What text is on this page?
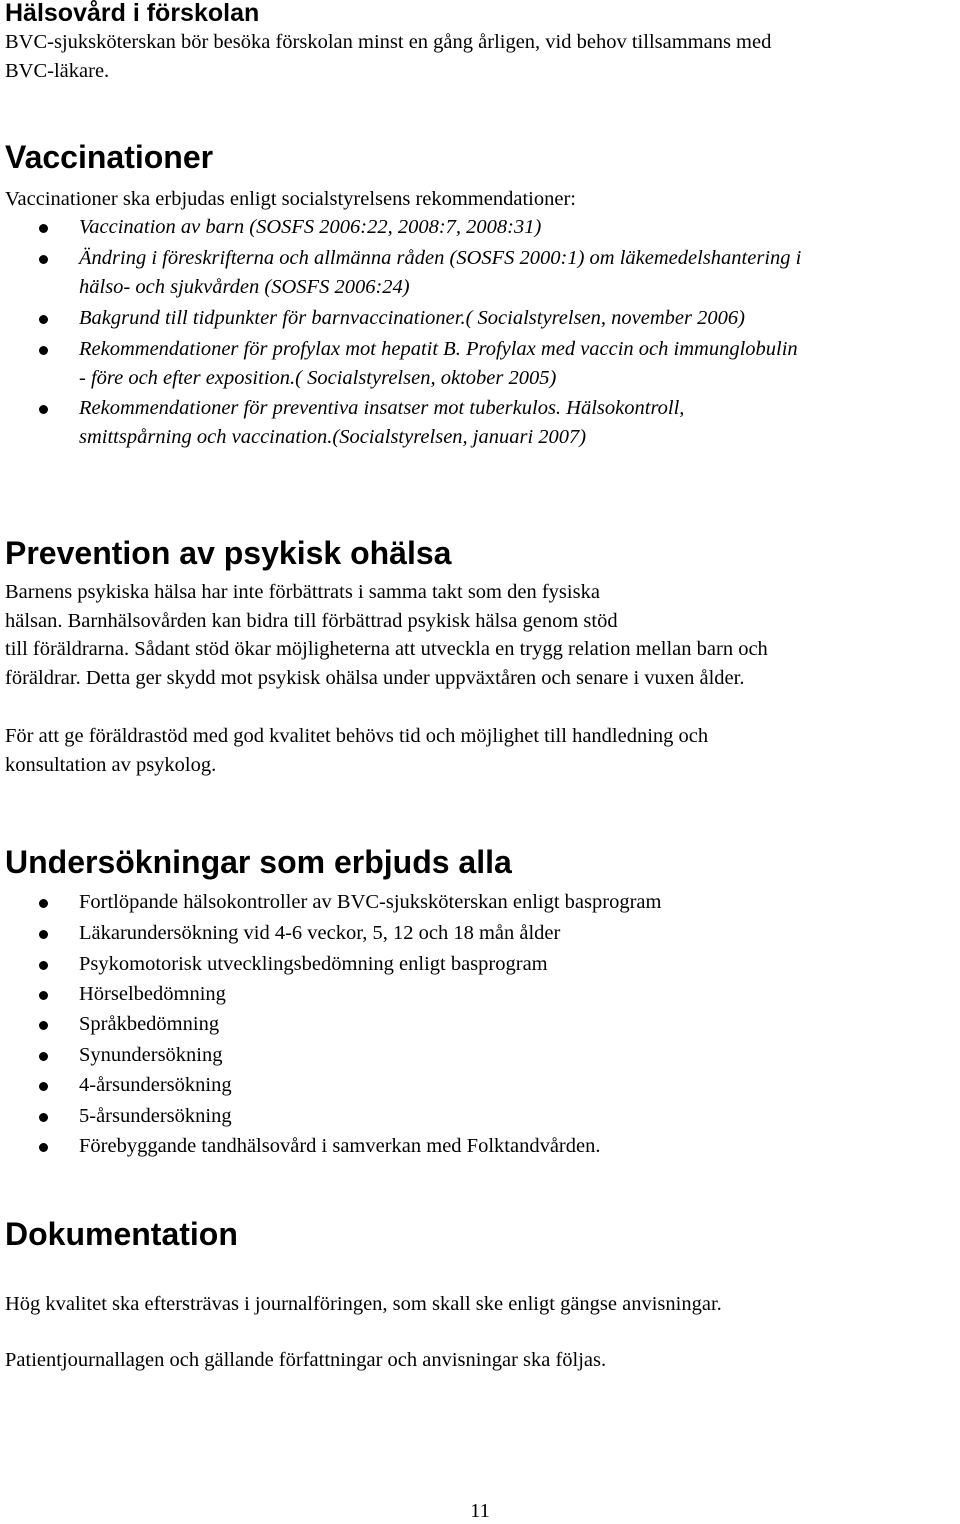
Hälsovård i förskolan
BVC-sjuksköterskan bör besöka förskolan minst en gång årligen, vid behov tillsammans med
BVC-läkare.
Vaccinationer
Vaccinationer ska erbjudas enligt socialstyrelsens rekommendationer:
Vaccination av barn (SOSFS 2006:22, 2008:7, 2008:31)
Ändring i föreskrifterna och allmänna råden (SOSFS 2000:1) om läkemedelshantering i
hälso- och sjukvården (SOSFS 2006:24)
Bakgrund till tidpunkter för barnvaccinationer.( Socialstyrelsen, november 2006)
Rekommendationer för profylax mot hepatit B. Profylax med vaccin och immunglobulin
- före och efter exposition.( Socialstyrelsen, oktober 2005)
Rekommendationer för preventiva insatser mot tuberkulos. Hälsokontroll,
smittspårning och vaccination.(Socialstyrelsen, januari 2007)
Prevention av psykisk ohälsa
Barnens psykiska hälsa har inte förbättrats i samma takt som den fysiska
hälsan. Barnhälsovården kan bidra till förbättrad psykisk hälsa genom stöd
till föräldrarna. Sådant stöd ökar möjligheterna att utveckla en trygg relation mellan barn och
föräldrar. Detta ger skydd mot psykisk ohälsa under uppväxtåren och senare i vuxen ålder.
För att ge föräldrastöd med god kvalitet behövs tid och möjlighet till handledning och
konsultation av psykolog.
Undersökningar som erbjuds alla
Fortlöpande hälsokontroller av BVC-sjuksköterskan enligt basprogram
Läkarundersökning vid 4-6 veckor, 5, 12 och 18 mån ålder
Psykomotorisk utvecklingsbedömning enligt basprogram
Hörselbedömning
Språkbedömning
Synundersökning
4-årsundersökning
5-årsundersökning
Förebyggande tandhälsovård i samverkan med Folktandvården.
Dokumentation
Hög kvalitet ska eftersträvas i journalföringen, som skall ske enligt gängse anvisningar.
Patientjournallagen och gällande författningar och anvisningar ska följas.
11
